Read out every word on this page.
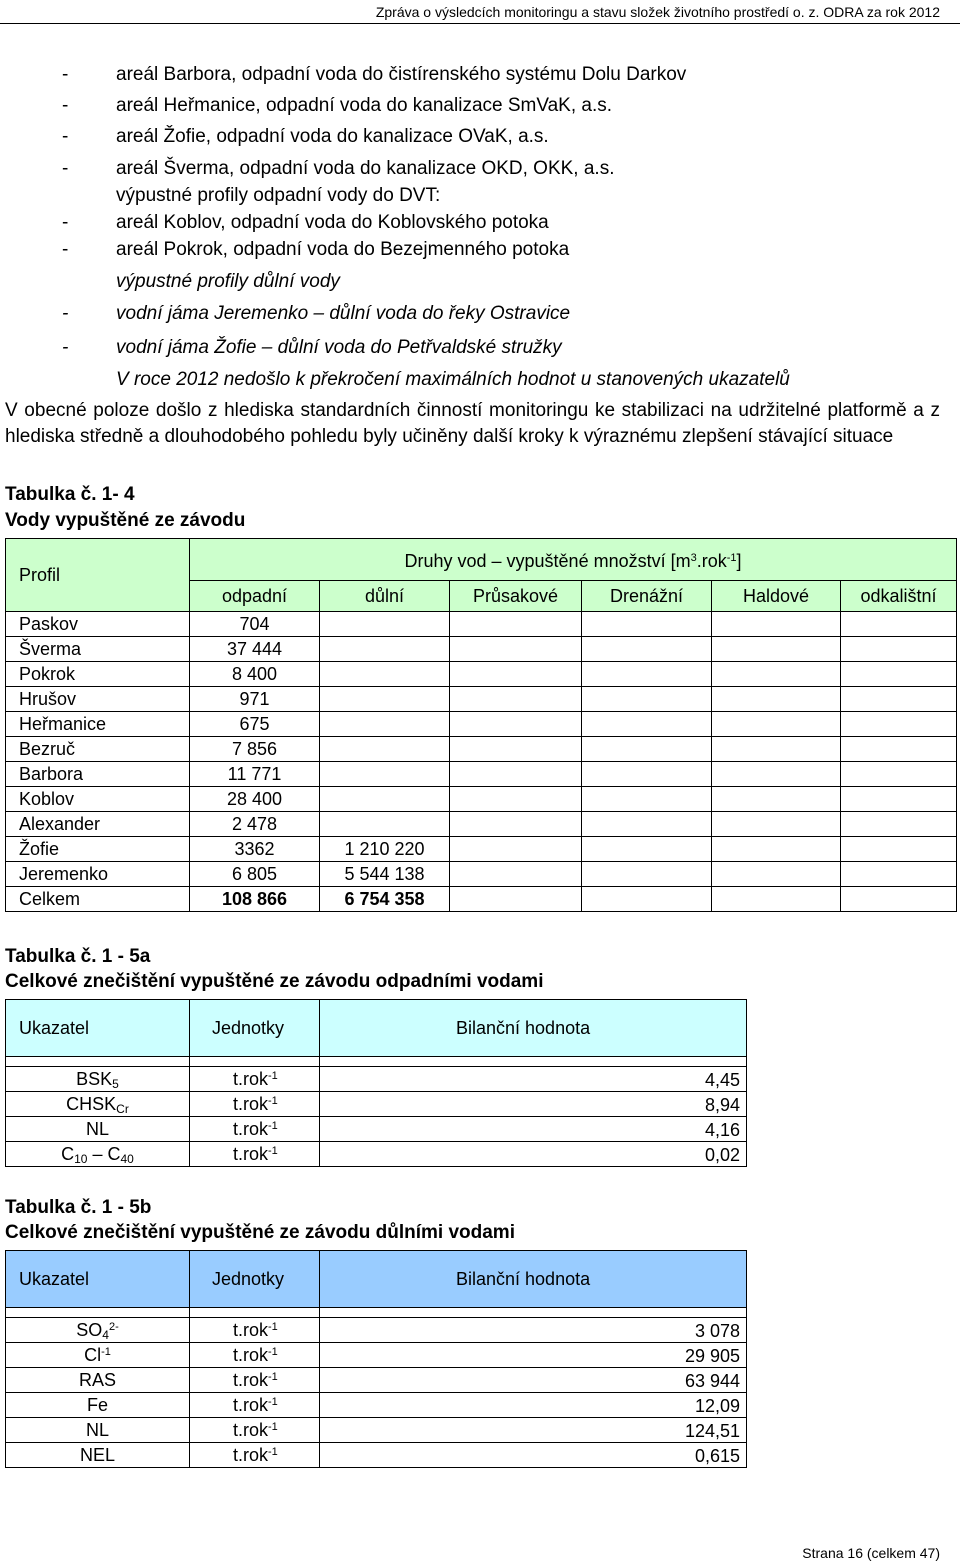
Zpráva o výsledcích monitoringu a stavu složek životního prostředí o. z. ODRA za rok 2012
-	areál Barbora, odpadní voda do čistírenského systému Dolu Darkov
-	areál Heřmanice, odpadní voda do kanalizace SmVaK, a.s.
-	areál Žofie, odpadní voda do kanalizace OVaK, a.s.
-	areál Šverma, odpadní voda do kanalizace OKD, OKK, a.s.
výpustné profily odpadní vody do DVT:
-	areál Koblov, odpadní voda do Koblovského potoka
-	areál Pokrok, odpadní voda do Bezejmenného potoka
výpustné profily důlní vody
-	vodní jáma Jeremenko – důlní voda do řeky Ostravice
-	vodní jáma Žofie – důlní voda do Petřvaldské stružky
V roce 2012 nedošlo k překročení maximálních hodnot u stanovených ukazatelů
V obecné poloze došlo z hlediska standardních činností monitoringu ke stabilizaci na udržitelné platformě a z hlediska středně a dlouhodobého pohledu byly učiněny další kroky k výraznému zlepšení stávající situace
Tabulka č. 1- 4
Vody vypuštěné ze závodu
Profil	Druhy vod – vypuštěné množství $[m^3.rok^{-1}]$					
	odpadní	důlní	Průsakové	Drenážní	Haldové	odkalištní
Paskov	704					
Šverma	37 444					
Pokrok	8 400					
Hrušov	971					
Heřmanice	675					
Bezruč	7 856					
Barbora	11 771					
Koblov	28 400					
Alexander	2 478					
Žofie	3362	1 210 220				
Jeremenko	6 805	5 544 138				
Celkem	108 866	6 754 358				
Tabulka č. 1 - 5a
Celkové znečištění vypuštěné ze závodu odpadními vodami
Ukazatel	Jednotky	Bilanční hodnota

$BSK_5$	t.rok$^{-1}$	4,45
$CHSK_{Cr}$	t.rok$^{-1}$	8,94
NL	t.rok$^{-1}$	4,16
$C_{10} - C_{40}$	t.rok$^{-1}$	0,02
Tabulka č. 1 - 5b
Celkové znečištění vypuštěné ze závodu důlními vodami
Ukazatel	Jednotky	Bilanční hodnota

$SO_4^{2-}$	t.rok$^{-1}$	3 078
$Cl^{-1}$	t.rok$^{-1}$	29 905
RAS	t.rok$^{-1}$	63 944
Fe	t.rok$^{-1}$	12,09
NL	t.rok$^{-1}$	124,51
NEL	t.rok$^{-1}$	0,615
Strana 16 (celkem 47)
